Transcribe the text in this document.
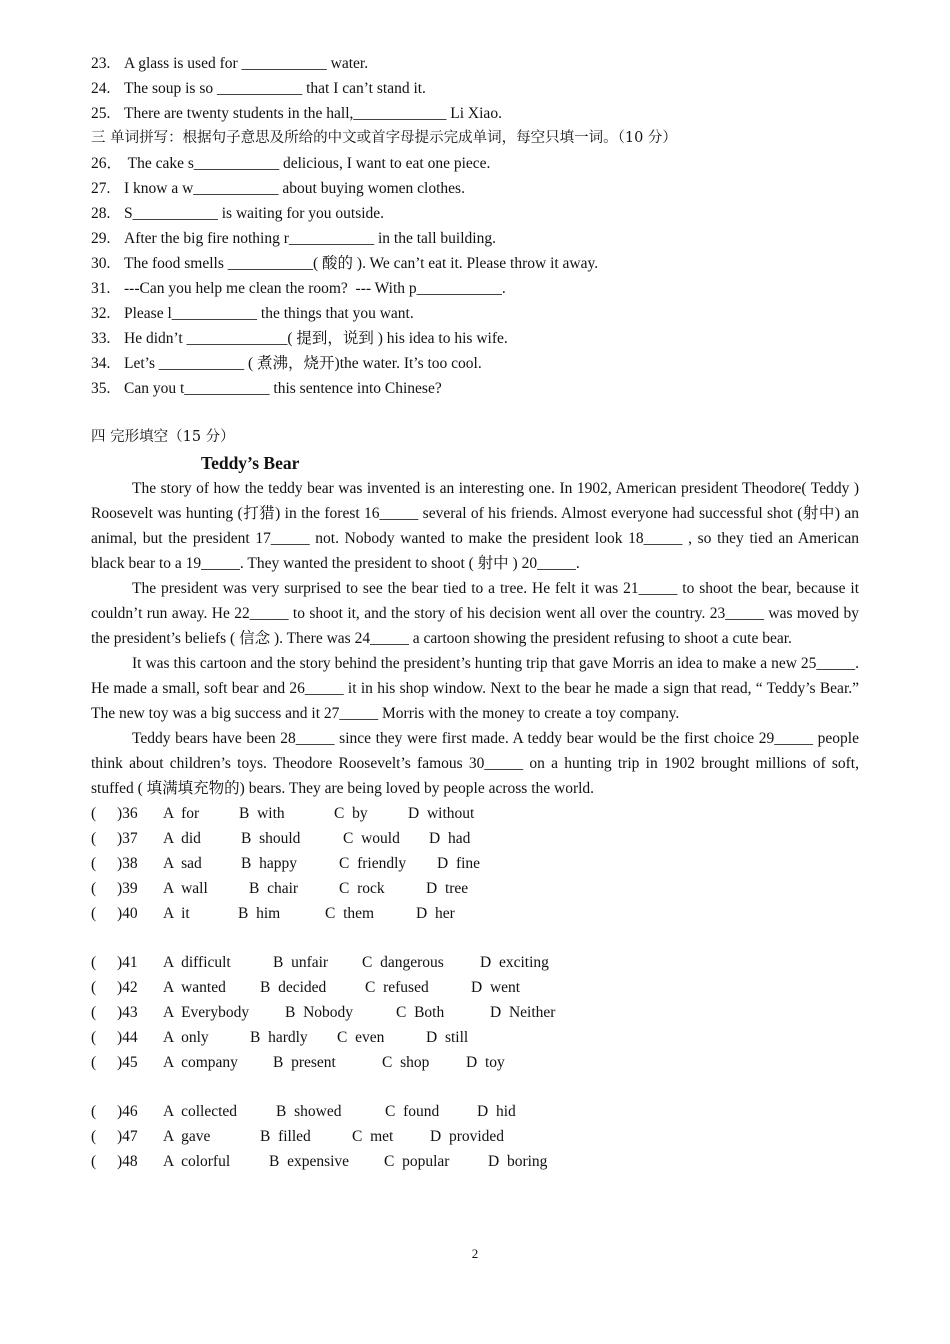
23. A glass is used for ___________ water.
24. The soup is so ___________ that I can’t stand it.
25. There are twenty students in the hall,____________ Li Xiao.
三 单词拼写：根据句子意思及所给的中文或首字母提示完成单词，每空只填一词。（10 分）
26． The cake s___________ delicious, I want to eat one piece.
27. I know a w___________ about buying women clothes.
28. S___________ is waiting for you outside.
29. After the big fire nothing r___________ in the tall building.
30. The food smells ___________( 酸的 ). We can’t eat it. Please throw it away.
31. ---Can you help me clean the room?  --- With p___________.
32. Please l___________ the things that you want.
33. He didn’t _____________( 提到，说到 ) his idea to his wife.
34. Let’s ___________ ( 煮沸，烧开)the water. It’s too cool.
35. Can you t___________ this sentence into Chinese?
四 完形填空（15 分）
Teddy’s Bear

The story of how the teddy bear was invented is an interesting one. In 1902, American president Theodore( Teddy ) Roosevelt was hunting (打猎) in the forest 16_____ several of his friends. Almost everyone had successful shot (射中) an animal, but the president 17_____ not. Nobody wanted to make the president look 18_____ , so they tied an American black bear to a 19_____. They wanted the president to shoot ( 射中 ) 20_____.

The president was very surprised to see the bear tied to a tree. He felt it was 21_____ to shoot the bear, because it couldn’t run away. He 22_____ to shoot it, and the story of his decision went all over the country. 23_____ was moved by the president’s beliefs ( 信念 ). There was 24_____ a cartoon showing the president refusing to shoot a cute bear.

It was this cartoon and the story behind the president’s hunting trip that gave Morris an idea to make a new 25_____. He made a small, soft bear and 26_____ it in his shop window. Next to the bear he made a sign that read, “ Teddy’s Bear.” The new toy was a big success and it 27_____ Morris with the money to create a toy company.

Teddy bears have been 28_____ since they were first made. A teddy bear would be the first choice 29_____ people think about children’s toys. Theodore Roosevelt’s famous 30_____ on a hunting trip in 1902 brought millions of soft, stuffed ( 填满填充物的) bears. They are being loved by people across the world.

( )36 A  for	B  with	C  by	D  without
( )37 A  did	B  should	C  would D  had
( )38 A  sad	B  happy	C  friendly D  fine
( )39 A  wall	B  chair	C  rock	D  tree
( )40 A  it	B  him	C  them	D  her
( )41 A  difficult	B  unfair C  dangerous D  exciting
( )42 A  wanted B  decided C  refused	D  went
( )43 A  Everybody B  Nobody	C  Both	D  Neither
( )44 A  only	B  hardly C  even	D  still
( )45 A  company B  present	C  shop D  toy
( )46 A  collected	B  showed	C  found D  hid
( )47 A  gave	B  filled	C  met D  provided
( )48 A  colorful	B  expensive C  popular D  boring
2
